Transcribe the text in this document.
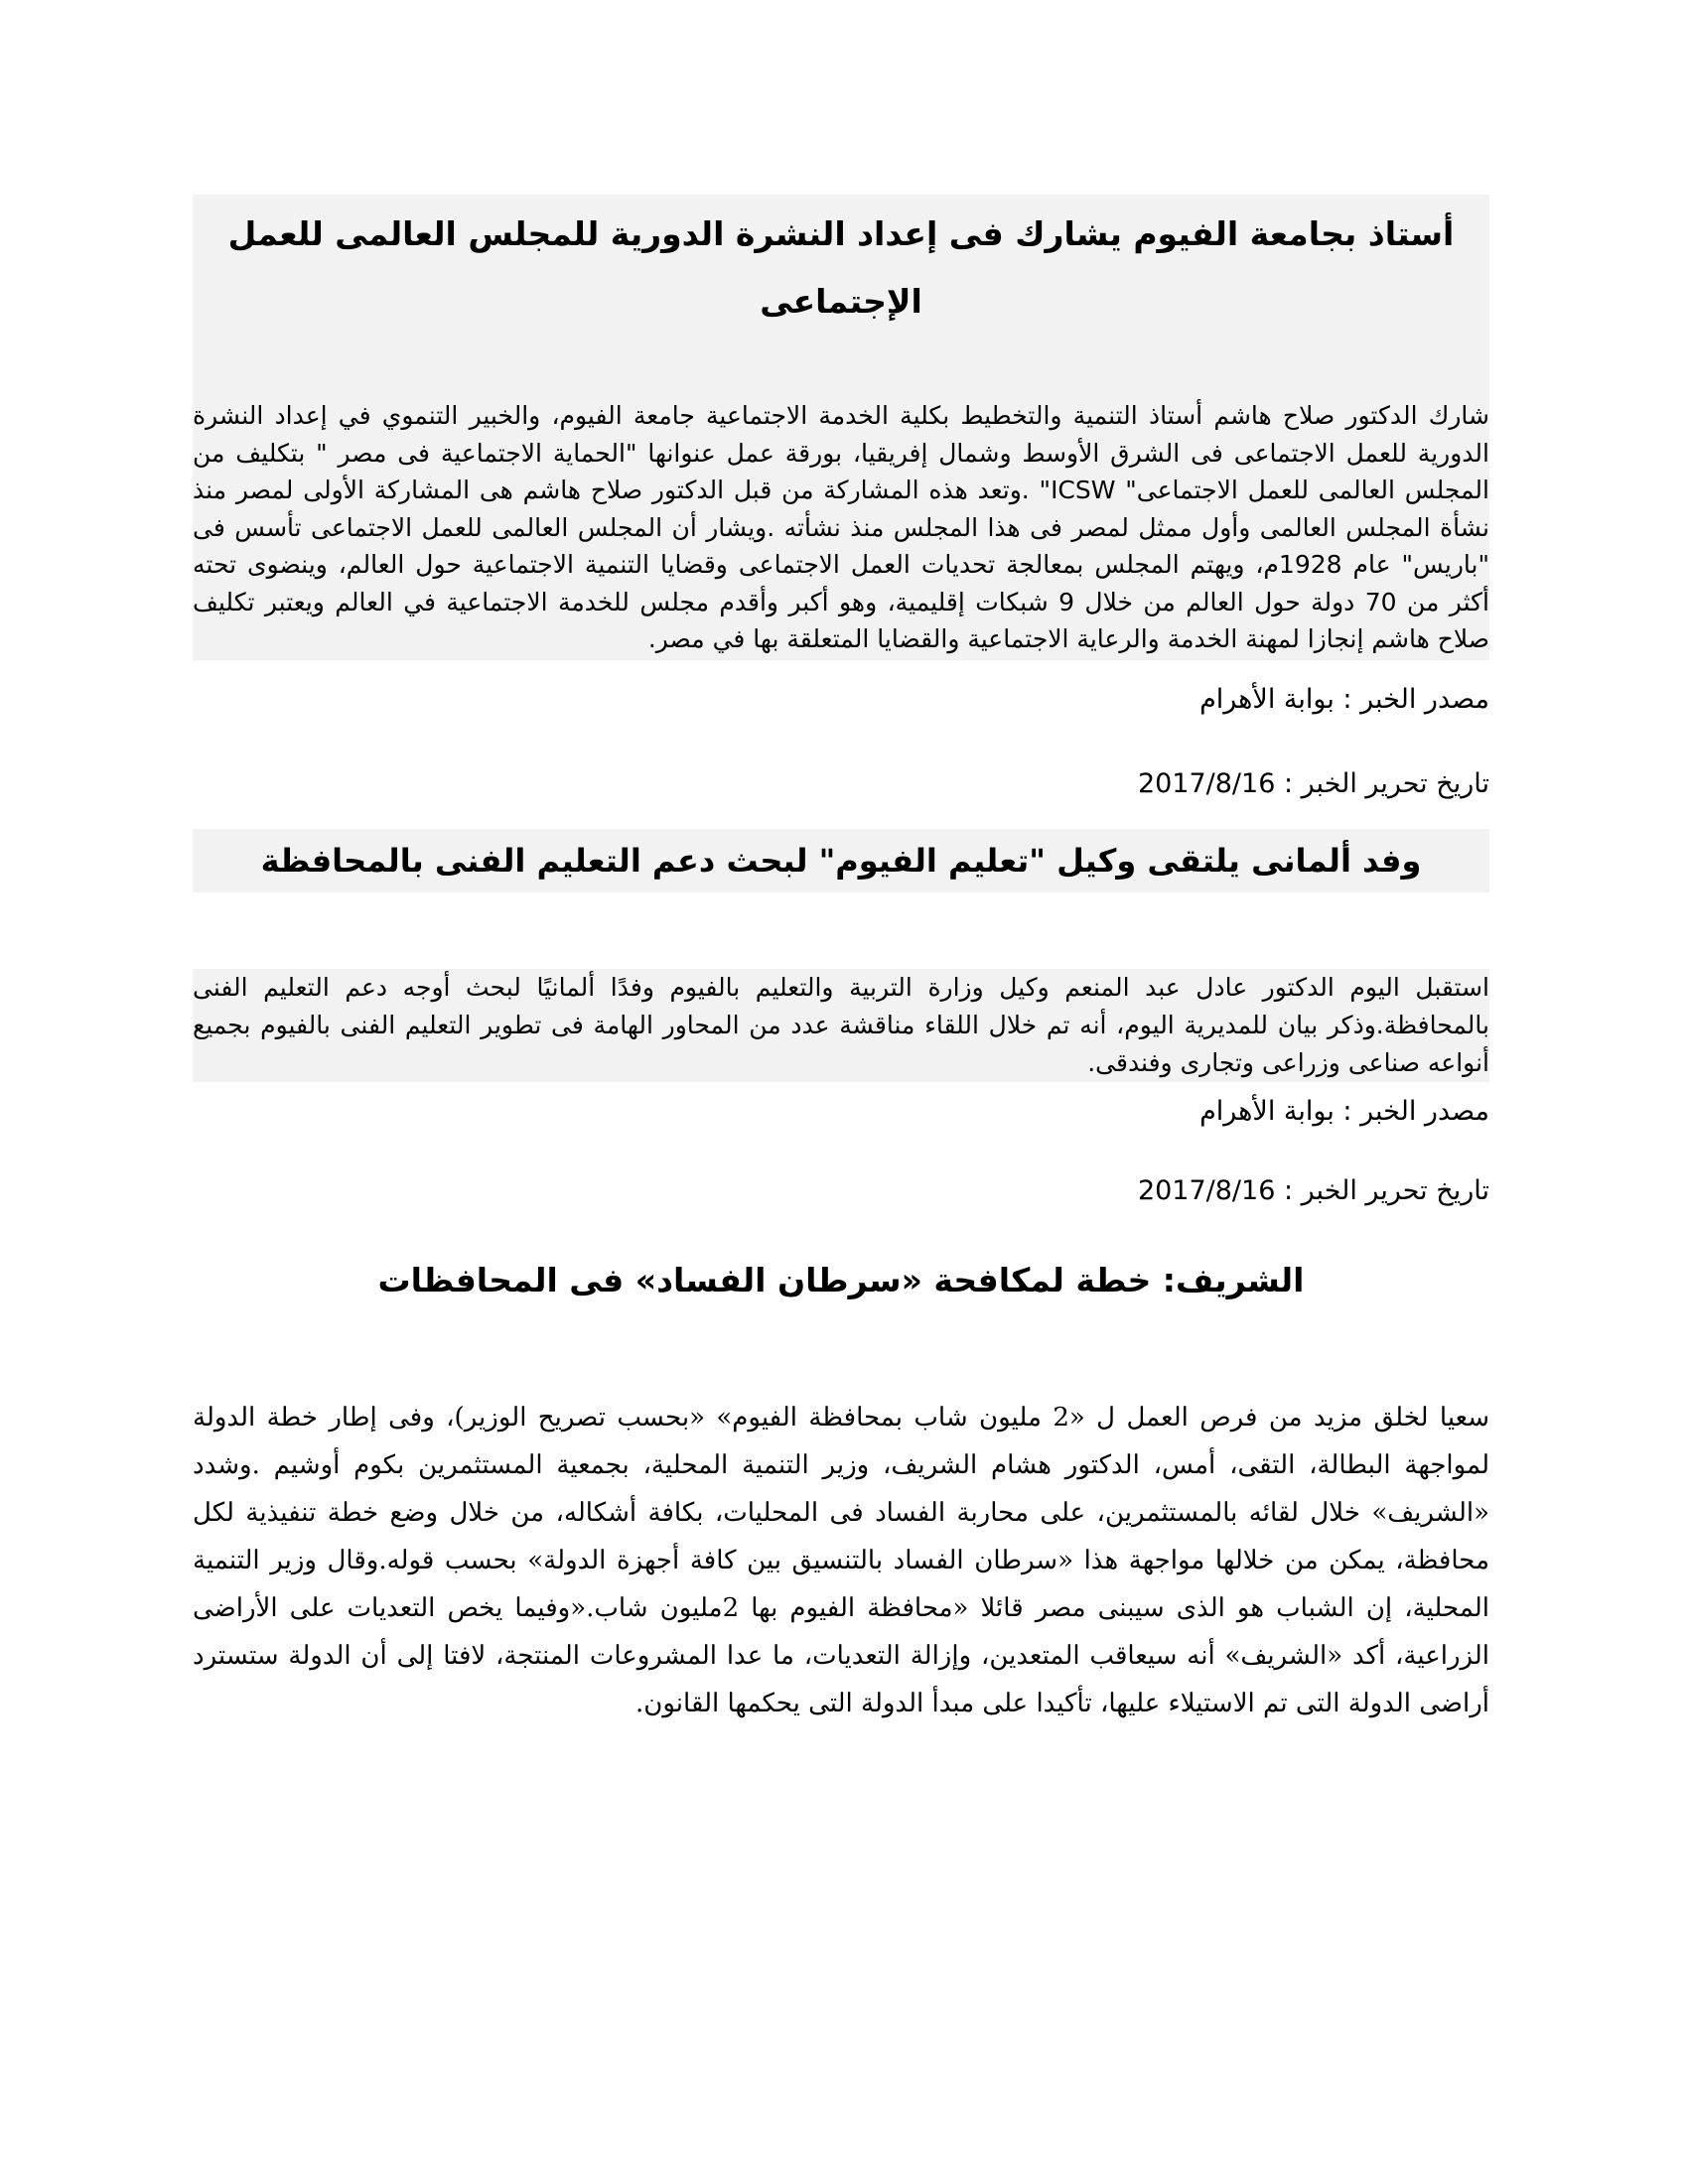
أستاذ بجامعة الفيوم يشارك فى إعداد النشرة الدورية للمجلس العالمى للعمل الإجتماعى

شارك الدكتور صلاح هاشم أستاذ التنمية والتخطيط بكلية الخدمة الاجتماعية جامعة الفيوم، والخبير التنموي في إعداد النشرة الدورية للعمل الاجتماعى فى الشرق الأوسط وشمال إفريقيا، بورقة عمل عنوانها "الحماية الاجتماعية فى مصر " بتكليف من المجلس العالمى للعمل الاجتماعى" ICSW" .وتعد هذه المشاركة من قبل الدكتور صلاح هاشم هى المشاركة الأولى لمصر منذ نشأة المجلس العالمى وأول ممثل لمصر فى هذا المجلس منذ نشأته .ويشار أن المجلس العالمى للعمل الاجتماعى تأسس فى "باريس" عام 1928م، ويهتم المجلس بمعالجة تحديات العمل الاجتماعى وقضايا التنمية الاجتماعية حول العالم، وينضوى تحته أكثر من 70 دولة حول العالم من خلال 9 شبكات إقليمية، وهو أكبر وأقدم مجلس للخدمة الاجتماعية في العالم ويعتبر تكليف صلاح هاشم إنجازا لمهنة الخدمة والرعاية الاجتماعية والقضايا المتعلقة بها في مصر.

مصدر الخبر : بوابة الأهرام

تاريخ تحرير الخبر : 2017/8/16

وفد ألمانى يلتقى وكيل "تعليم الفيوم" لبحث دعم التعليم الفنى بالمحافظة

استقبل اليوم الدكتور عادل عبد المنعم وكيل وزارة التربية والتعليم بالفيوم وفدًا ألمانيًا لبحث أوجه دعم التعليم الفنى بالمحافظة.وذكر بيان للمديرية اليوم، أنه تم خلال اللقاء مناقشة عدد من المحاور الهامة فى تطوير التعليم الفنى بالفيوم بجميع أنواعه صناعى وزراعى وتجارى وفندقى.

مصدر الخبر : بوابة الأهرام

تاريخ تحرير الخبر : 2017/8/16

الشريف: خطة لمكافحة «سرطان الفساد» فى المحافظات

سعيا لخلق مزيد من فرص العمل ل «2 مليون شاب بمحافظة الفيوم» «بحسب تصريح الوزير)، وفى إطار خطة الدولة لمواجهة البطالة، التقى، أمس، الدكتور هشام الشريف، وزير التنمية المحلية، بجمعية المستثمرين بكوم أوشيم .وشدد «الشريف» خلال لقائه بالمستثمرين، على محاربة الفساد فى المحليات، بكافة أشكاله، من خلال وضع خطة تنفيذية لكل محافظة، يمكن من خلالها مواجهة هذا «سرطان الفساد بالتنسيق بين كافة أجهزة الدولة» بحسب قوله.وقال وزير التنمية المحلية، إن الشباب هو الذى سيبنى مصر قائلا «محافظة الفيوم بها 2مليون شاب.«وفيما يخص التعديات على الأراضى الزراعية، أكد «الشريف» أنه سيعاقب المتعدين، وإزالة التعديات، ما عدا المشروعات المنتجة، لافتا إلى أن الدولة ستسترد أراضى الدولة التى تم الاستيلاء عليها، تأكيدا على مبدأ الدولة التى يحكمها القانون.
